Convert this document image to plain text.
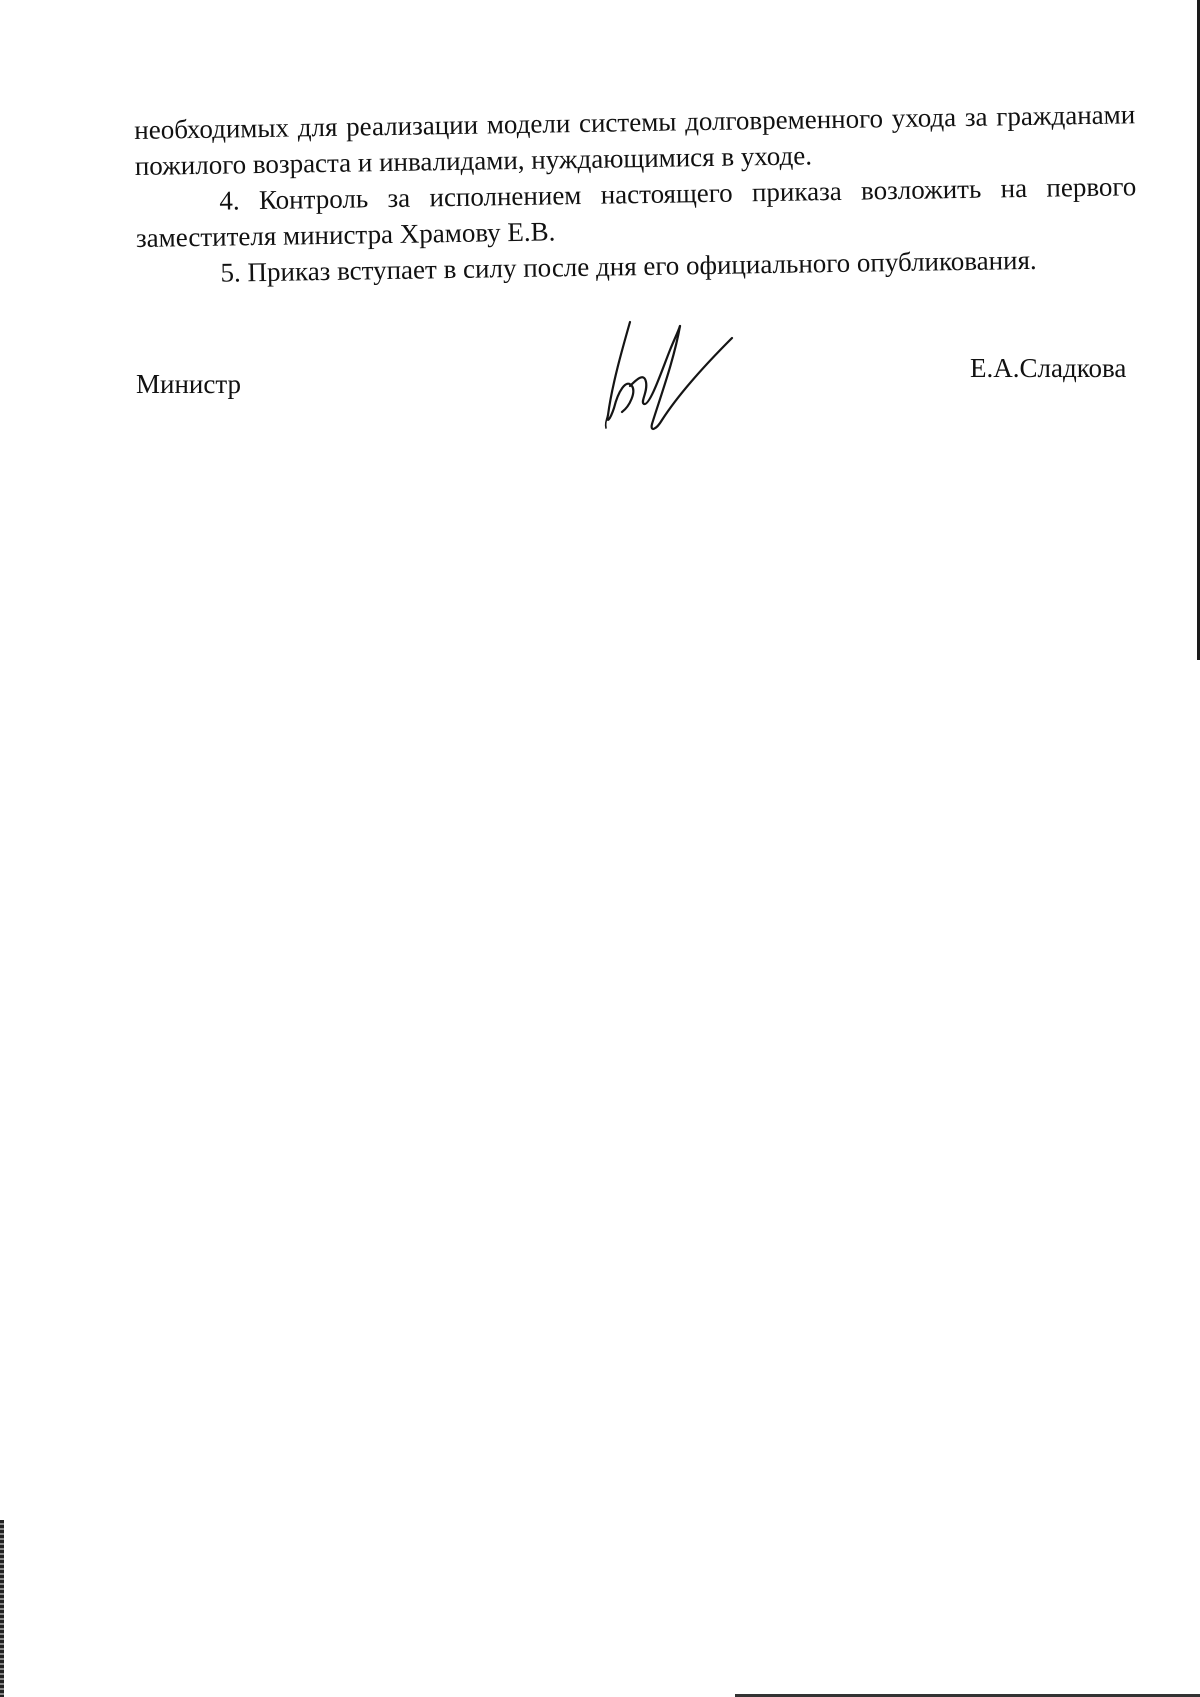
необходимых для реализации модели системы долговременного ухода за гражданами пожилого возраста и инвалидами, нуждающимися в уходе.

4. Контроль за исполнением настоящего приказа возложить на первого заместителя министра Храмову Е.В.

5. Приказ вступает в силу после дня его официального опубликования.

Министр
Е.А.Сладкова
